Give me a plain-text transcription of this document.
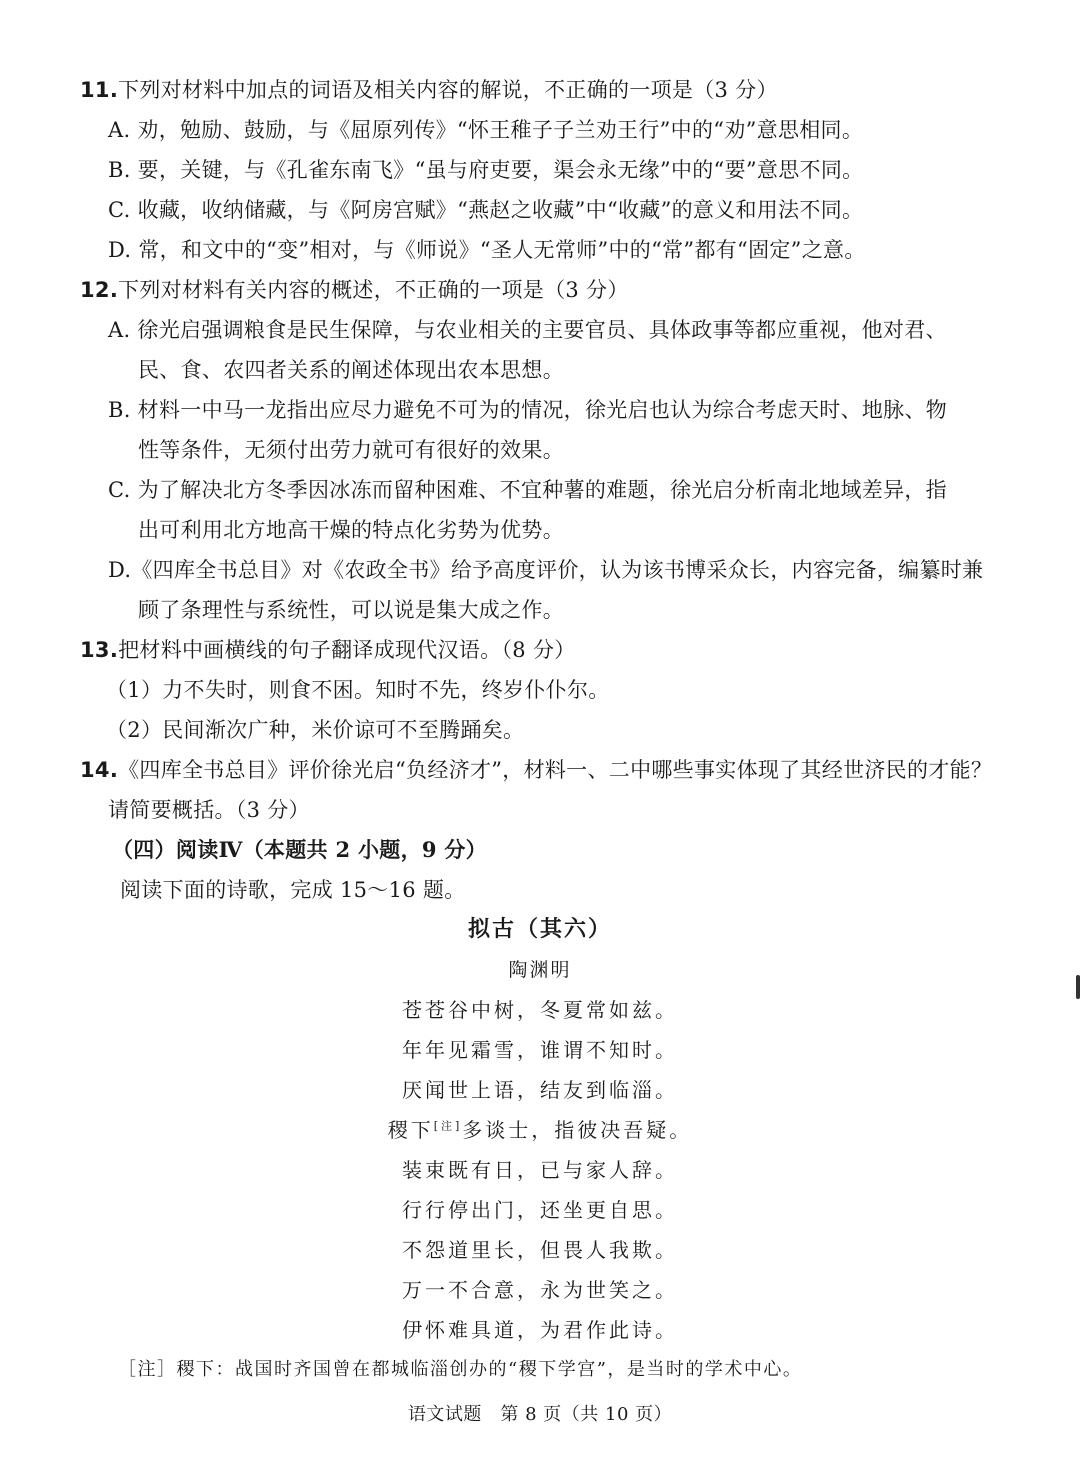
11.下列对材料中加点的词语及相关内容的解说，不正确的一项是（3 分）
A. 劝，勉励、鼓励，与《屈原列传》“怀王稚子子兰劝王行”中的“劝”意思相同。
B. 要，关键，与《孔雀东南飞》“虽与府吏要，渠会永无缘”中的“要”意思不同。
C. 收藏，收纳储藏，与《阿房宫赋》“燕赵之收藏”中“收藏”的意义和用法不同。
D. 常，和文中的“变”相对，与《师说》“圣人无常师”中的“常”都有“固定”之意。
12.下列对材料有关内容的概述，不正确的一项是（3 分）
A. 徐光启强调粮食是民生保障，与农业相关的主要官员、具体政事等都应重视，他对君、
民、食、农四者关系的阐述体现出农本思想。
B. 材料一中马一龙指出应尽力避免不可为的情况，徐光启也认为综合考虑天时、地脉、物
性等条件，无须付出劳力就可有很好的效果。
C. 为了解决北方冬季因冰冻而留种困难、不宜种薯的难题，徐光启分析南北地域差异，指
出可利用北方地高干燥的特点化劣势为优势。
D.《四库全书总目》对《农政全书》给予高度评价，认为该书博采众长，内容完备，编纂时兼
顾了条理性与系统性，可以说是集大成之作。
13.把材料中画横线的句子翻译成现代汉语。（8 分）
（1）力不失时，则食不困。知时不先，终岁仆仆尔。
（2）民间渐次广种，米价谅可不至腾踊矣。
14.《四库全书总目》评价徐光启“负经济才”，材料一、二中哪些事实体现了其经世济民的才能？
请简要概括。（3 分）
（四）阅读Ⅳ（本题共 2 小题，9 分）
阅读下面的诗歌，完成 15～16 题。
拟古（其六）
陶渊明
苍苍谷中树，冬夏常如兹。
年年见霜雪，谁谓不知时。
厌闻世上语，结友到临淄。
稷下[注]多谈士，指彼决吾疑。
装束既有日，已与家人辞。
行行停出门，还坐更自思。
不怨道里长，但畏人我欺。
万一不合意，永为世笑之。
伊怀难具道，为君作此诗。
［注］稷下：战国时齐国曾在都城临淄创办的“稷下学宫”，是当时的学术中心。
语文试题　第 8 页（共 10 页）
